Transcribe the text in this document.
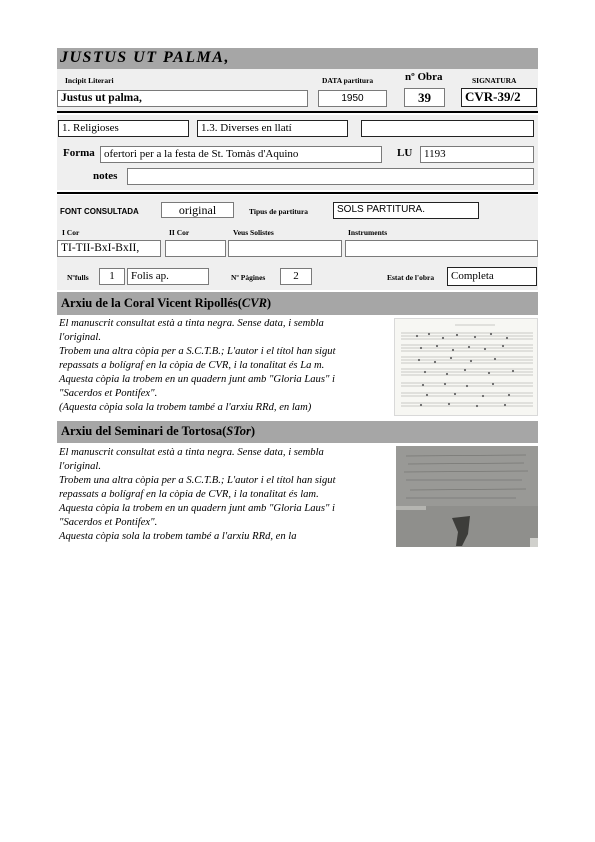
JUSTUS UT PALMA,
Incipit Literari	DATA partitura	nº Obra	SIGNATURA
Justus ut palma,	1950	39	CVR-39/2
1. Religioses	1.3. Diverses en llatí
Forma ofertori per a la festa de St. Tomàs d'Aquino	LU	1193
notes
FONT CONSULTADA	original	Tipus de partitura	SOLS PARTITURA.
I Cor	II Cor	Veus Solistes	Instruments
TI-TII-BxI-BxII,
Nºfulls	1	Folis ap.	Nº Pàgines	2	Estat de l'obra	Completa
Arxiu de la Coral Vicent Ripollés(CVR)
El manuscrit consultat està a tinta negra. Sense data, i sembla
l'original.
Trobem una altra còpia per a S.C.T.B.; L'autor i el títol han sigut
repassats a bolígraf en la còpia de CVR, i la tonalitat és La m.
Aquesta còpia la trobem en un quadern junt amb "Gloria Laus" i
"Sacerdos et Pontifex".
(Aquesta còpia sola la trobem també a l'arxiu RRd, en lam)
Arxiu del Seminari de Tortosa(STor)
El manuscrit consultat està a tinta negra. Sense data, i sembla
l'original.
Trobem una altra còpia per a S.C.T.B.; L'autor i el títol han sigut
repassats a bolígraf en la còpia de CVR, i la tonalitat és lam.
Aquesta còpia la trobem en un quadern junt amb "Gloria Laus" i
"Sacerdos et Pontifex".
Aquesta còpia sola la trobem també a l'arxiu RRd, en la
